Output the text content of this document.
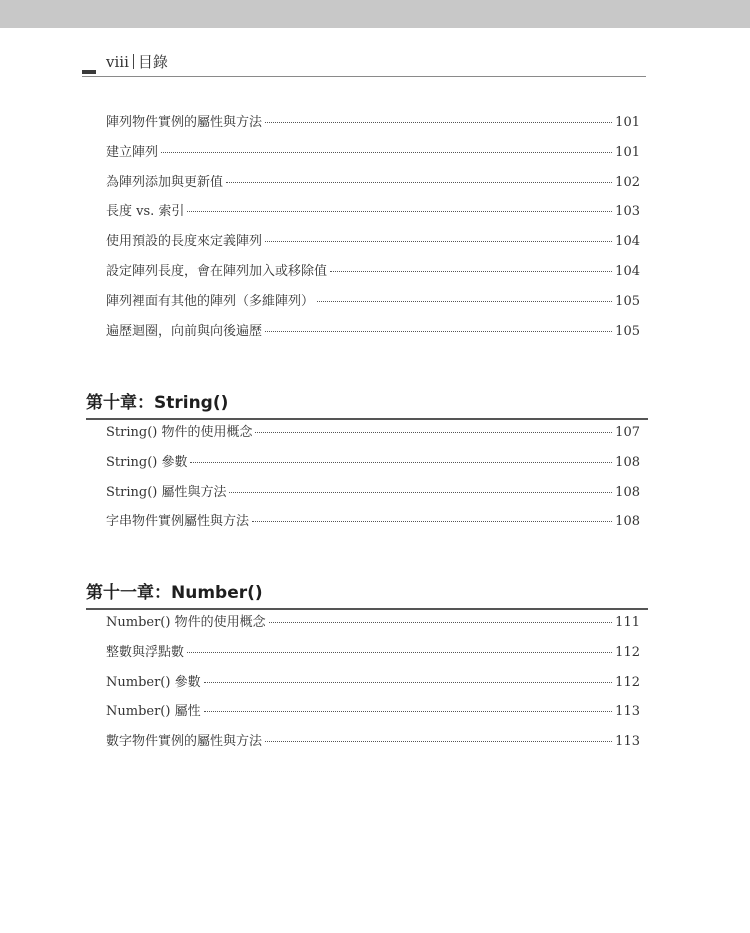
viii 目錄
陣列物件實例的屬性與方法	101
建立陣列	101
為陣列添加與更新值	102
長度 vs. 索引	103
使用預設的長度來定義陣列	104
設定陣列長度，會在陣列加入或移除值	104
陣列裡面有其他的陣列（多維陣列）	105
遍歷迴圈，向前與向後遍歷	105
第十章：String()
String() 物件的使用概念	107
String() 參數	108
String() 屬性與方法	108
字串物件實例屬性與方法	108
第十一章：Number()
Number() 物件的使用概念	111
整數與浮點數	112
Number() 參數	112
Number() 屬性	113
數字物件實例的屬性與方法	113
